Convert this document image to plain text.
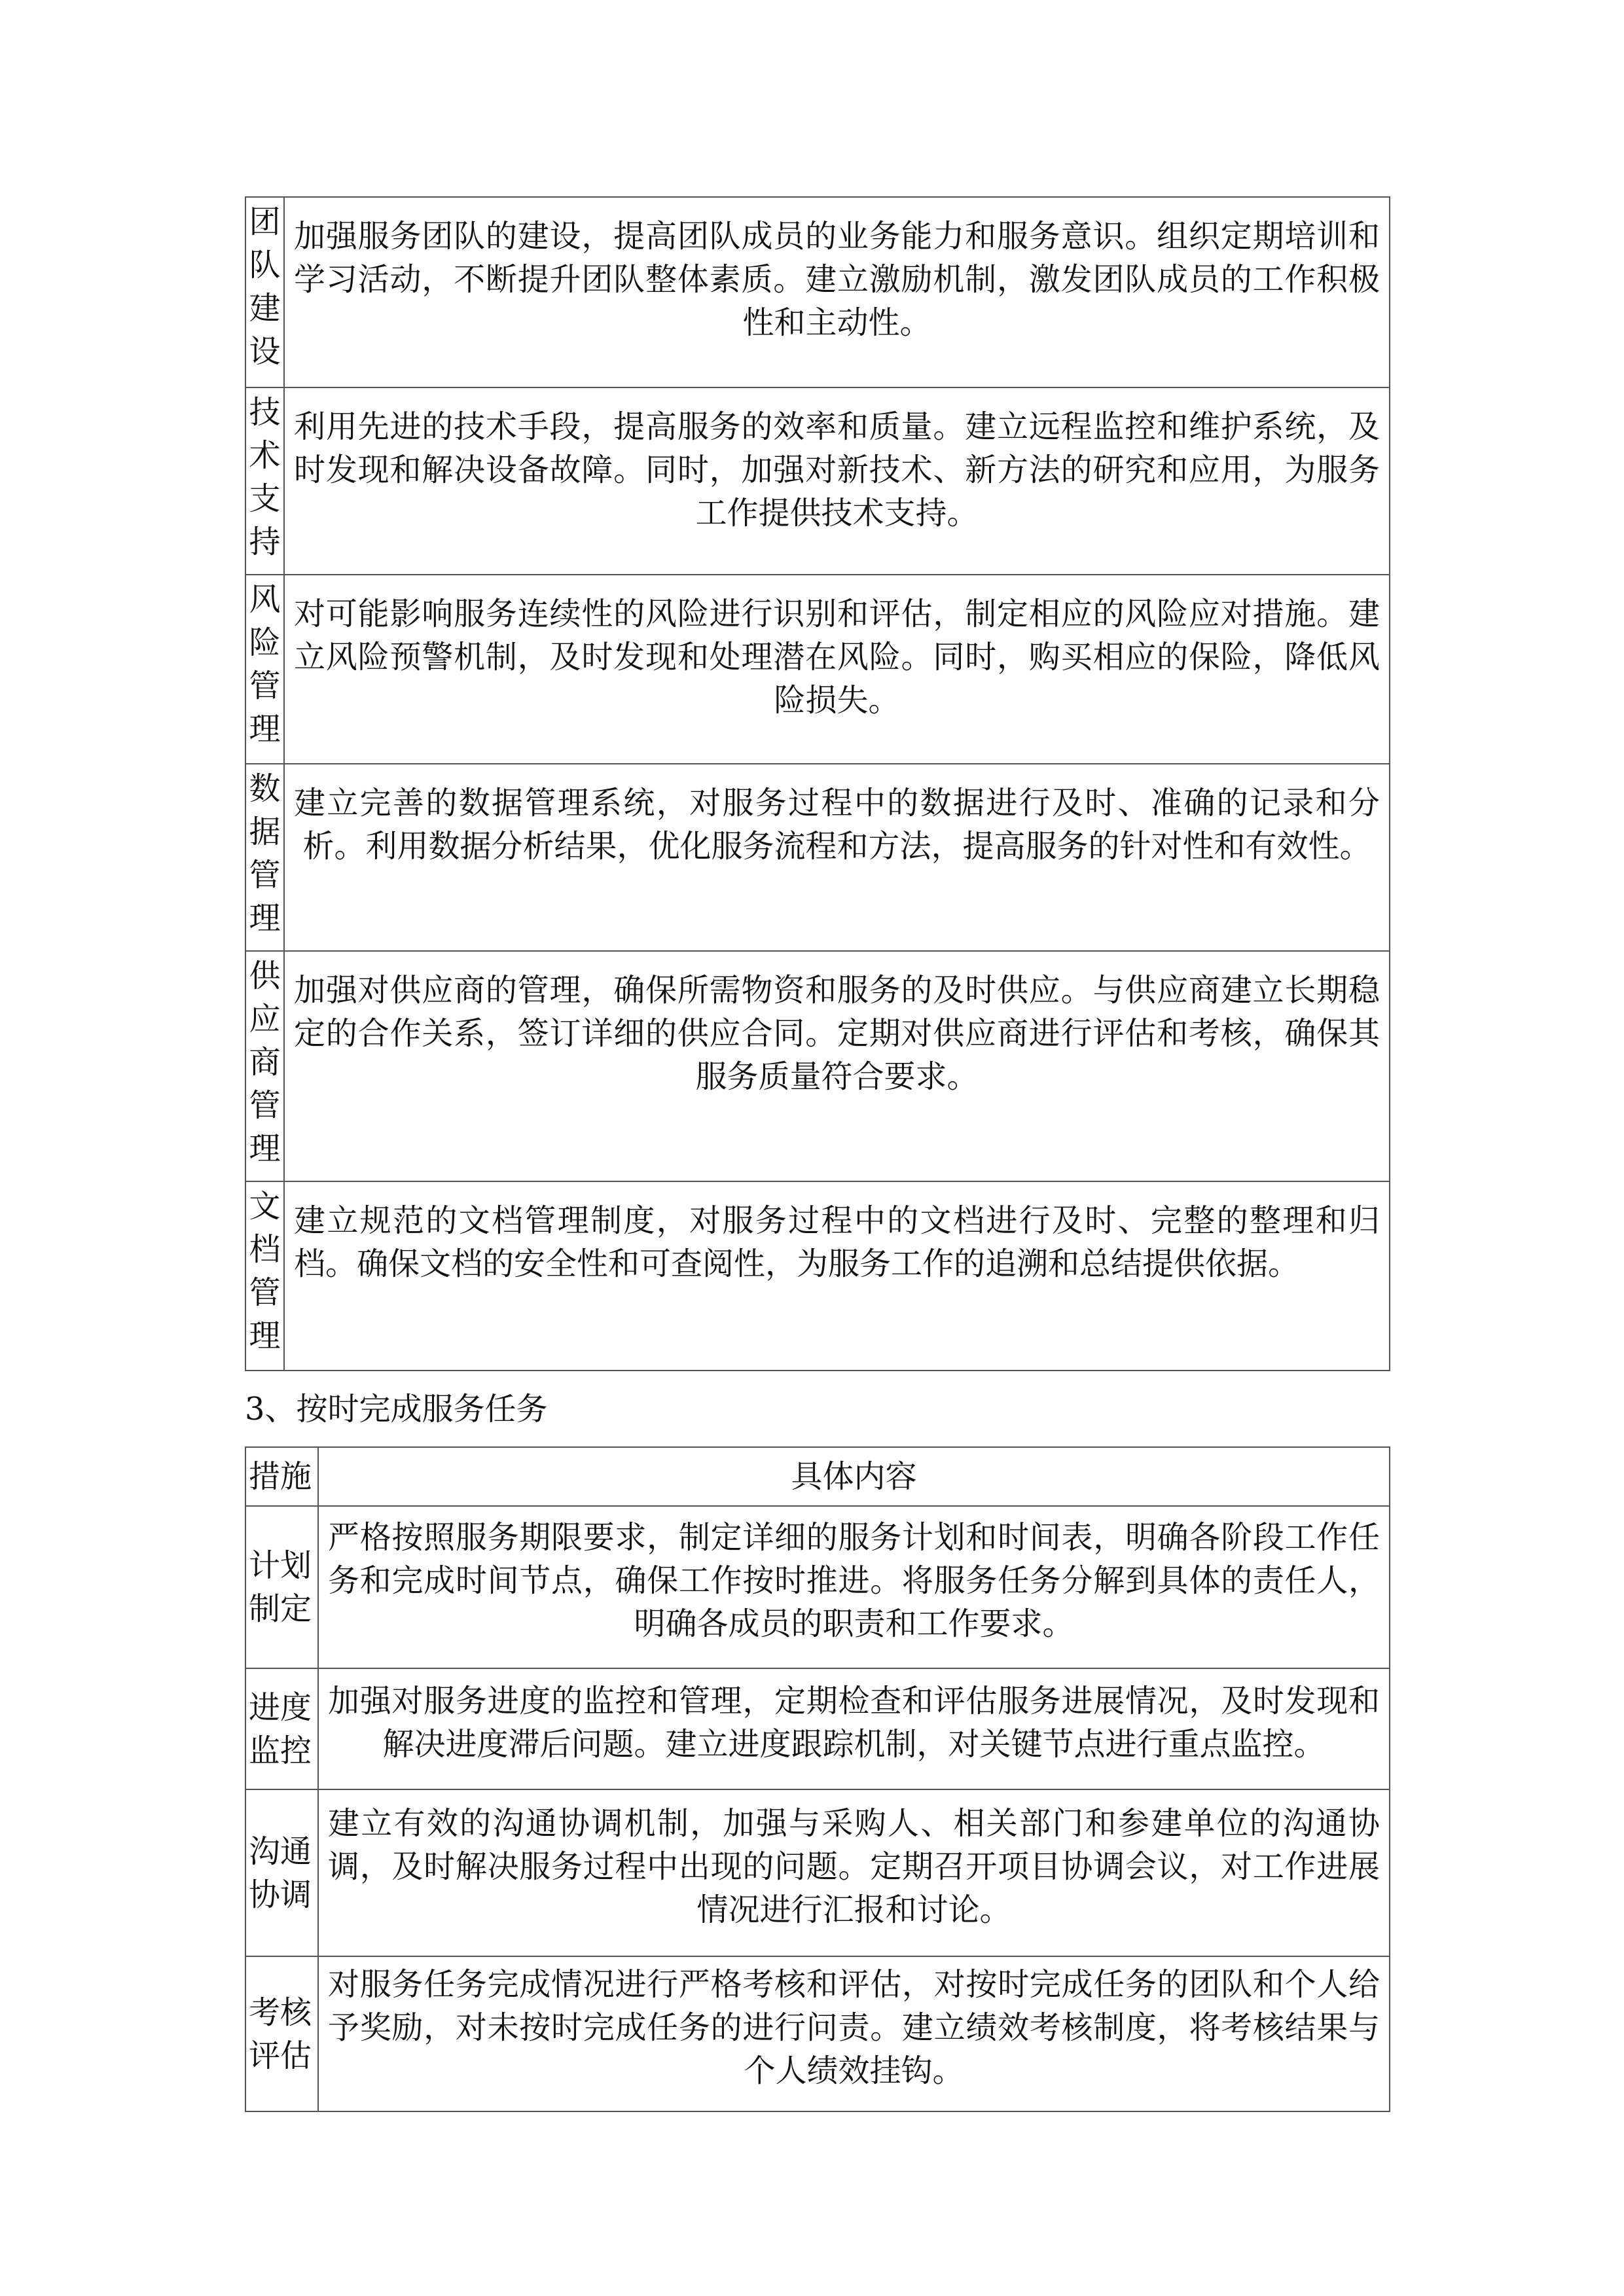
团队建设	加强服务团队的建设，提高团队成员的业务能力和服务意识。组织定期培训和学习活动，不断提升团队整体素质。建立激励机制，激发团队成员的工作积极性和主动性。
技术支持	利用先进的技术手段，提高服务的效率和质量。建立远程监控和维护系统，及时发现和解决设备故障。同时，加强对新技术、新方法的研究和应用，为服务工作提供技术支持。
风险管理	对可能影响服务连续性的风险进行识别和评估，制定相应的风险应对措施。建立风险预警机制，及时发现和处理潜在风险。同时，购买相应的保险，降低风险损失。
数据管理	建立完善的数据管理系统，对服务过程中的数据进行及时、准确的记录和分析。利用数据分析结果，优化服务流程和方法，提高服务的针对性和有效性。
供应商管理	加强对供应商的管理，确保所需物资和服务的及时供应。与供应商建立长期稳定的合作关系，签订详细的供应合同。定期对供应商进行评估和考核，确保其服务质量符合要求。
文档管理	建立规范的文档管理制度，对服务过程中的文档进行及时、完整的整理和归档。确保文档的安全性和可查阅性，为服务工作的追溯和总结提供依据。
3、按时完成服务任务
措施	具体内容
计划制定	严格按照服务期限要求，制定详细的服务计划和时间表，明确各阶段工作任务和完成时间节点，确保工作按时推进。将服务任务分解到具体的责任人，明确各成员的职责和工作要求。
进度监控	加强对服务进度的监控和管理，定期检查和评估服务进展情况，及时发现和解决进度滞后问题。建立进度跟踪机制，对关键节点进行重点监控。
沟通协调	建立有效的沟通协调机制，加强与采购人、相关部门和参建单位的沟通协调，及时解决服务过程中出现的问题。定期召开项目协调会议，对工作进展情况进行汇报和讨论。
考核评估	对服务任务完成情况进行严格考核和评估，对按时完成任务的团队和个人给予奖励，对未按时完成任务的进行问责。建立绩效考核制度，将考核结果与个人绩效挂钩。
